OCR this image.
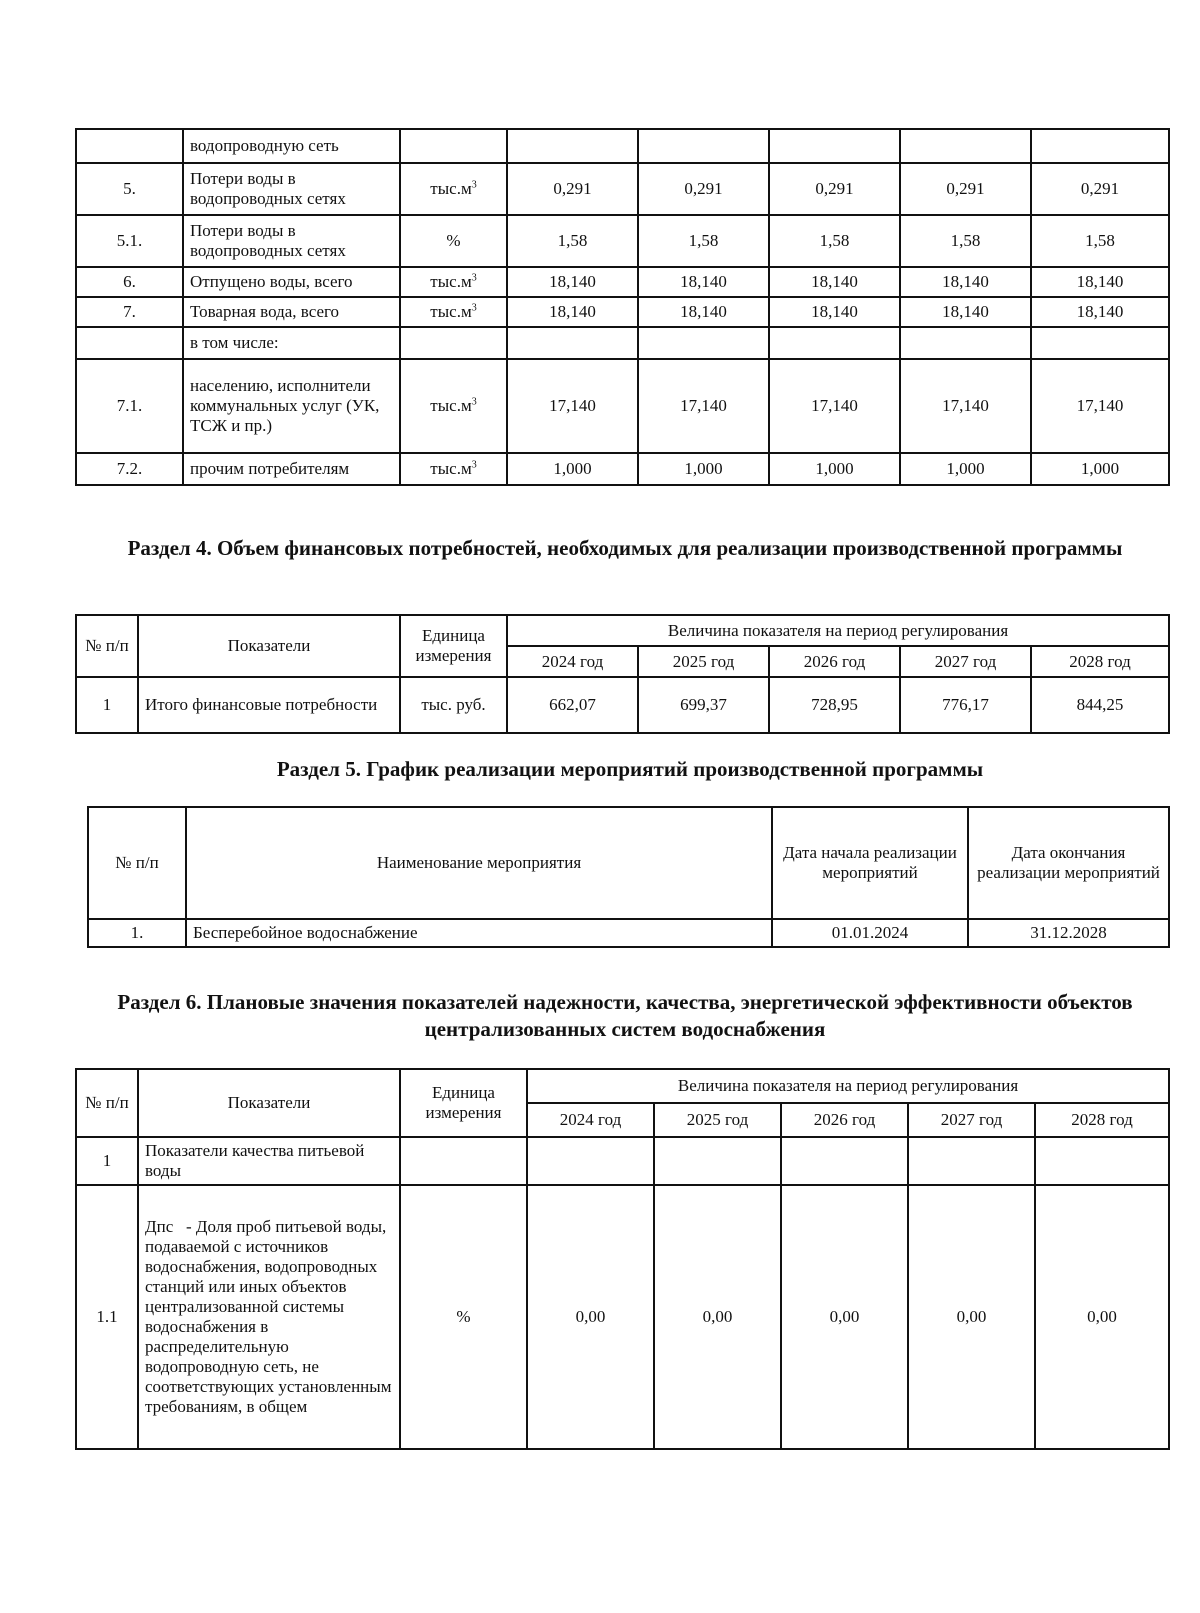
	водопроводную сеть						
5.	Потери воды в водопроводных сетях	$тыс.м^3$	0,291	0,291	0,291	0,291	0,291
5.1.	Потери воды в водопроводных сетях	%	1,58	1,58	1,58	1,58	1,58
6.	Отпущено воды, всего	$тыс.м^3$	18,140	18,140	18,140	18,140	18,140
7.	Товарная вода, всего	$тыс.м^3$	18,140	18,140	18,140	18,140	18,140
	в том числе:						
7.1.	населению, исполнители коммунальных услуг (УК, ТСЖ и пр.)	$тыс.м^3$	17,140	17,140	17,140	17,140	17,140
7.2.	прочим потребителям	$тыс.м^3$	1,000	1,000	1,000	1,000	1,000
Раздел 4. Объем финансовых потребностей, необходимых для реализации производственной программы
№ п/п	Показатели	Единица измерения	Величина показателя на период регулирования				
			2024 год	2025 год	2026 год	2027 год	2028 год
1	Итого финансовые потребности	тыс. руб.	662,07	699,37	728,95	776,17	844,25
Раздел 5. График реализации мероприятий производственной программы
№ п/п	Наименование мероприятия	Дата начала реализации мероприятий	Дата окончания реализации мероприятий
1.	Бесперебойное водоснабжение	01.01.2024	31.12.2028
Раздел 6. Плановые значения показателей надежности, качества, энергетической эффективности объектов централизованных систем водоснабжения
№ п/п	Показатели	Единица измерения	Величина показателя на период регулирования				
			2024 год	2025 год	2026 год	2027 год	2028 год
1	Показатели качества питьевой воды						
1.1	Дпс   - Доля проб питьевой воды, подаваемой с источников водоснабжения, водопроводных станций или иных объектов централизованной системы водоснабжения в распределительную водопроводную сеть, не соответствующих установленным требованиям, в общем	%	0,00	0,00	0,00	0,00	0,00
